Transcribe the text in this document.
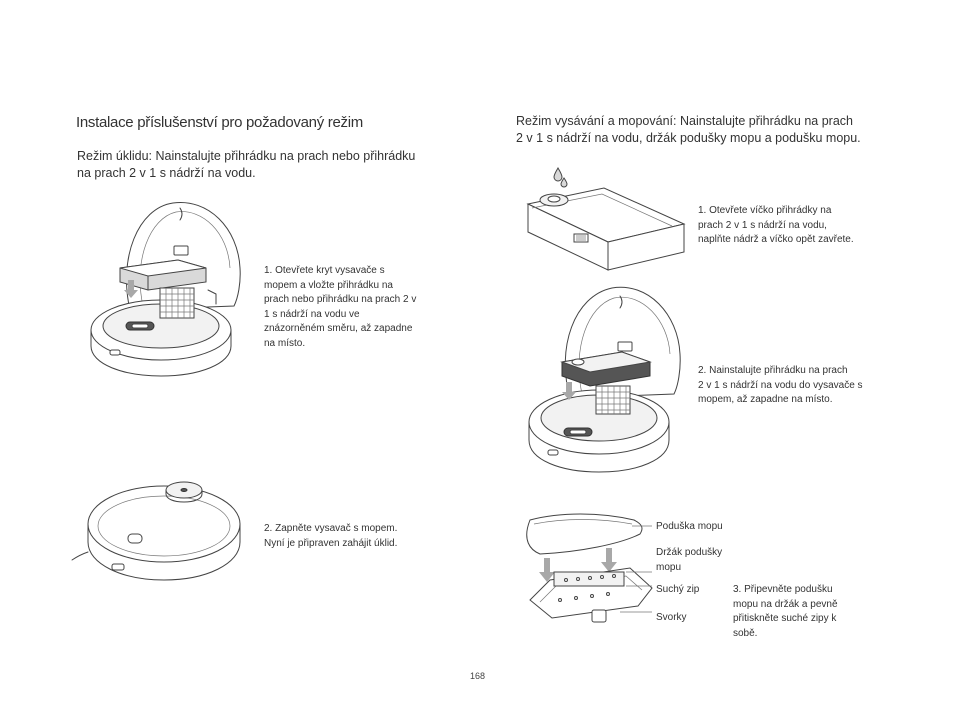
Instalace příslušenství pro požadovaný režim
Režim úklidu: Nainstalujte přihrádku na prach nebo přihrádku
na prach 2 v 1 s nádrží na vodu.
1. Otevřete kryt vysavače s
mopem a vložte přihrádku na
prach nebo přihrádku na prach 2 v
1 s nádrží na vodu ve
znázorněném směru, až zapadne
na místo.
2. Zapněte vysavač s mopem.
Nyní je připraven zahájit úklid.
Režim vysávání a mopování: Nainstalujte přihrádku na prach
2 v 1 s nádrží na vodu, držák podušky mopu a podušku mopu.
1. Otevřete víčko přihrádky na
prach 2 v 1 s nádrží na vodu,
naplňte nádrž a víčko opět zavřete.
2. Nainstalujte přihrádku na prach
2 v 1 s nádrží na vodu do vysavače s
mopem, až zapadne na místo.
Poduška mopu
Držák podušky
mopu
Suchý zip
Svorky
3. Připevněte podušku
mopu na držák a pevně
přitiskněte suché zipy k
sobě.
168
